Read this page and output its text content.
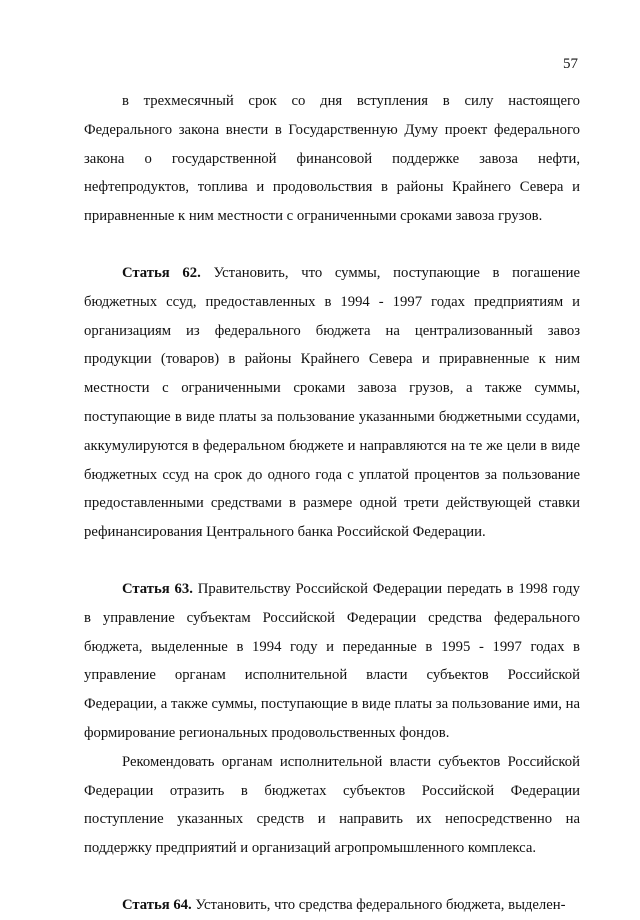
57

в трехмесячный срок со дня вступления в силу настоящего Федерального закона внести в Государственную Думу проект федерального закона о государственной финансовой поддержке завоза нефти, нефтепродуктов, топлива и продовольствия в районы Крайнего Севера и приравненные к ним местности с ограниченными сроками завоза грузов.

Статья 62. Установить, что суммы, поступающие в погашение бюджетных ссуд, предоставленных в 1994 - 1997 годах предприятиям и организациям из федерального бюджета на централизованный завоз продукции (товаров) в районы Крайнего Севера и приравненные к ним местности с ограниченными сроками завоза грузов, а также суммы, поступающие в виде платы за пользование указанными бюджетными ссудами, аккумулируются в федеральном бюджете и направляются на те же цели в виде бюджетных ссуд на срок до одного года с уплатой процентов за пользование предоставленными средствами в размере одной трети действующей ставки рефинансирования Центрального банка Российской Федерации.

Статья 63. Правительству Российской Федерации передать в 1998 году в управление субъектам Российской Федерации средства федерального бюджета, выделенные в 1994 году и переданные в 1995 - 1997 годах в управление органам исполнительной власти субъектов Российской Федерации, а также суммы, поступающие в виде платы за пользование ими, на формирование региональных продовольственных фондов.

Рекомендовать органам исполнительной власти субъектов Российской Федерации отразить в бюджетах субъектов Российской Федерации поступление указанных средств и направить их непосредственно на поддержку предприятий и организаций агропромышленного комплекса.

Статья 64. Установить, что средства федерального бюджета, выделен-
